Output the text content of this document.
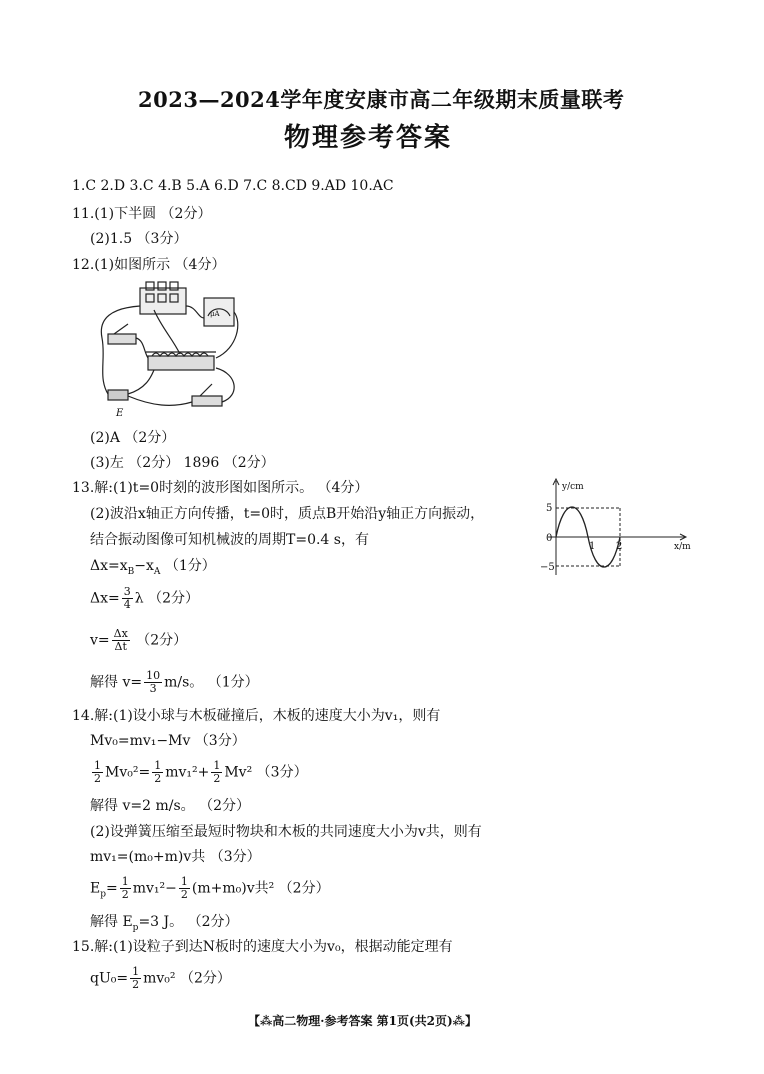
2023—2024学年度安康市高二年级期末质量联考
物理参考答案
1.C 2.D 3.C 4.B 5.A 6.D 7.C 8.CD 9.AD 10.AC
11.(1)下半圆 （2分）
(2)1.5 （3分）
12.(1)如图所示 （4分）
μA
E
(2)A （2分）
(3)左 （2分） 1896 （2分）
13.解:(1)t=0时刻的波形图如图所示。 （4分）
(2)波沿x轴正方向传播，t=0时，质点B开始沿y轴正方向振动，
结合振动图像可知机械波的周期T=0.4 s，有
y/cm
x/m
5
0
−5
1 2
$\Delta x=x_B-x_A$ （1分）
$\Delta x= \frac{3}{4}$ λ （2分）
$v= \frac{\Delta x}{\Delta t} (2$分）
解得 $v= \frac{10}{3} m/s$。 （1分）
14.解:(1)设小球与木板碰撞后，木板的速度大小为v₁，则有
Mv₀=mv₁−Mv （3分）
$\frac{1}{2} Mv_0^2= \frac{1}{2} mv_1^2+ \frac{1}{2} Mv^2$ （3分）
解得 v=2 m/s。 （2分）
(2)设弹簧压缩至最短时物块和木板的共同速度大小为v共，则有
mv₁=(m₀+m)v共 （3分）
$E_p= \frac{1}{2} mv_1^2- \frac{1}{2} (m+m_0)v$共² （2分）
解得 $E_p=3$ J。 （2分）
15.解:(1)设粒子到达N板时的速度大小为v₀，根据动能定理有
$qU_0= \frac{1}{2} mv_0^2$ （2分）
【⁂高二物理·参考答案 第1页(共2页)⁂】
